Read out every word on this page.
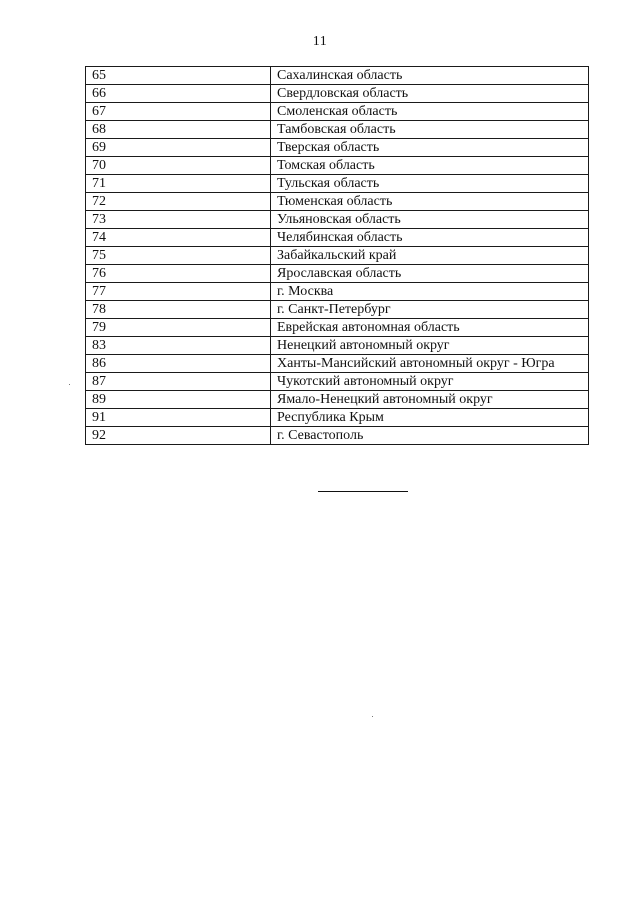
11
65	Сахалинская область
66	Свердловская область
67	Смоленская область
68	Тамбовская область
69	Тверская область
70	Томская область
71	Тульская область
72	Тюменская область
73	Ульяновская область
74	Челябинская область
75	Забайкальский край
76	Ярославская область
77	г. Москва
78	г. Санкт-Петербург
79	Еврейская автономная область
83	Ненецкий автономный округ
86	Ханты-Мансийский автономный округ - Югра
87	Чукотский автономный округ
89	Ямало-Ненецкий автономный округ
91	Республика Крым
92	г. Севастополь
